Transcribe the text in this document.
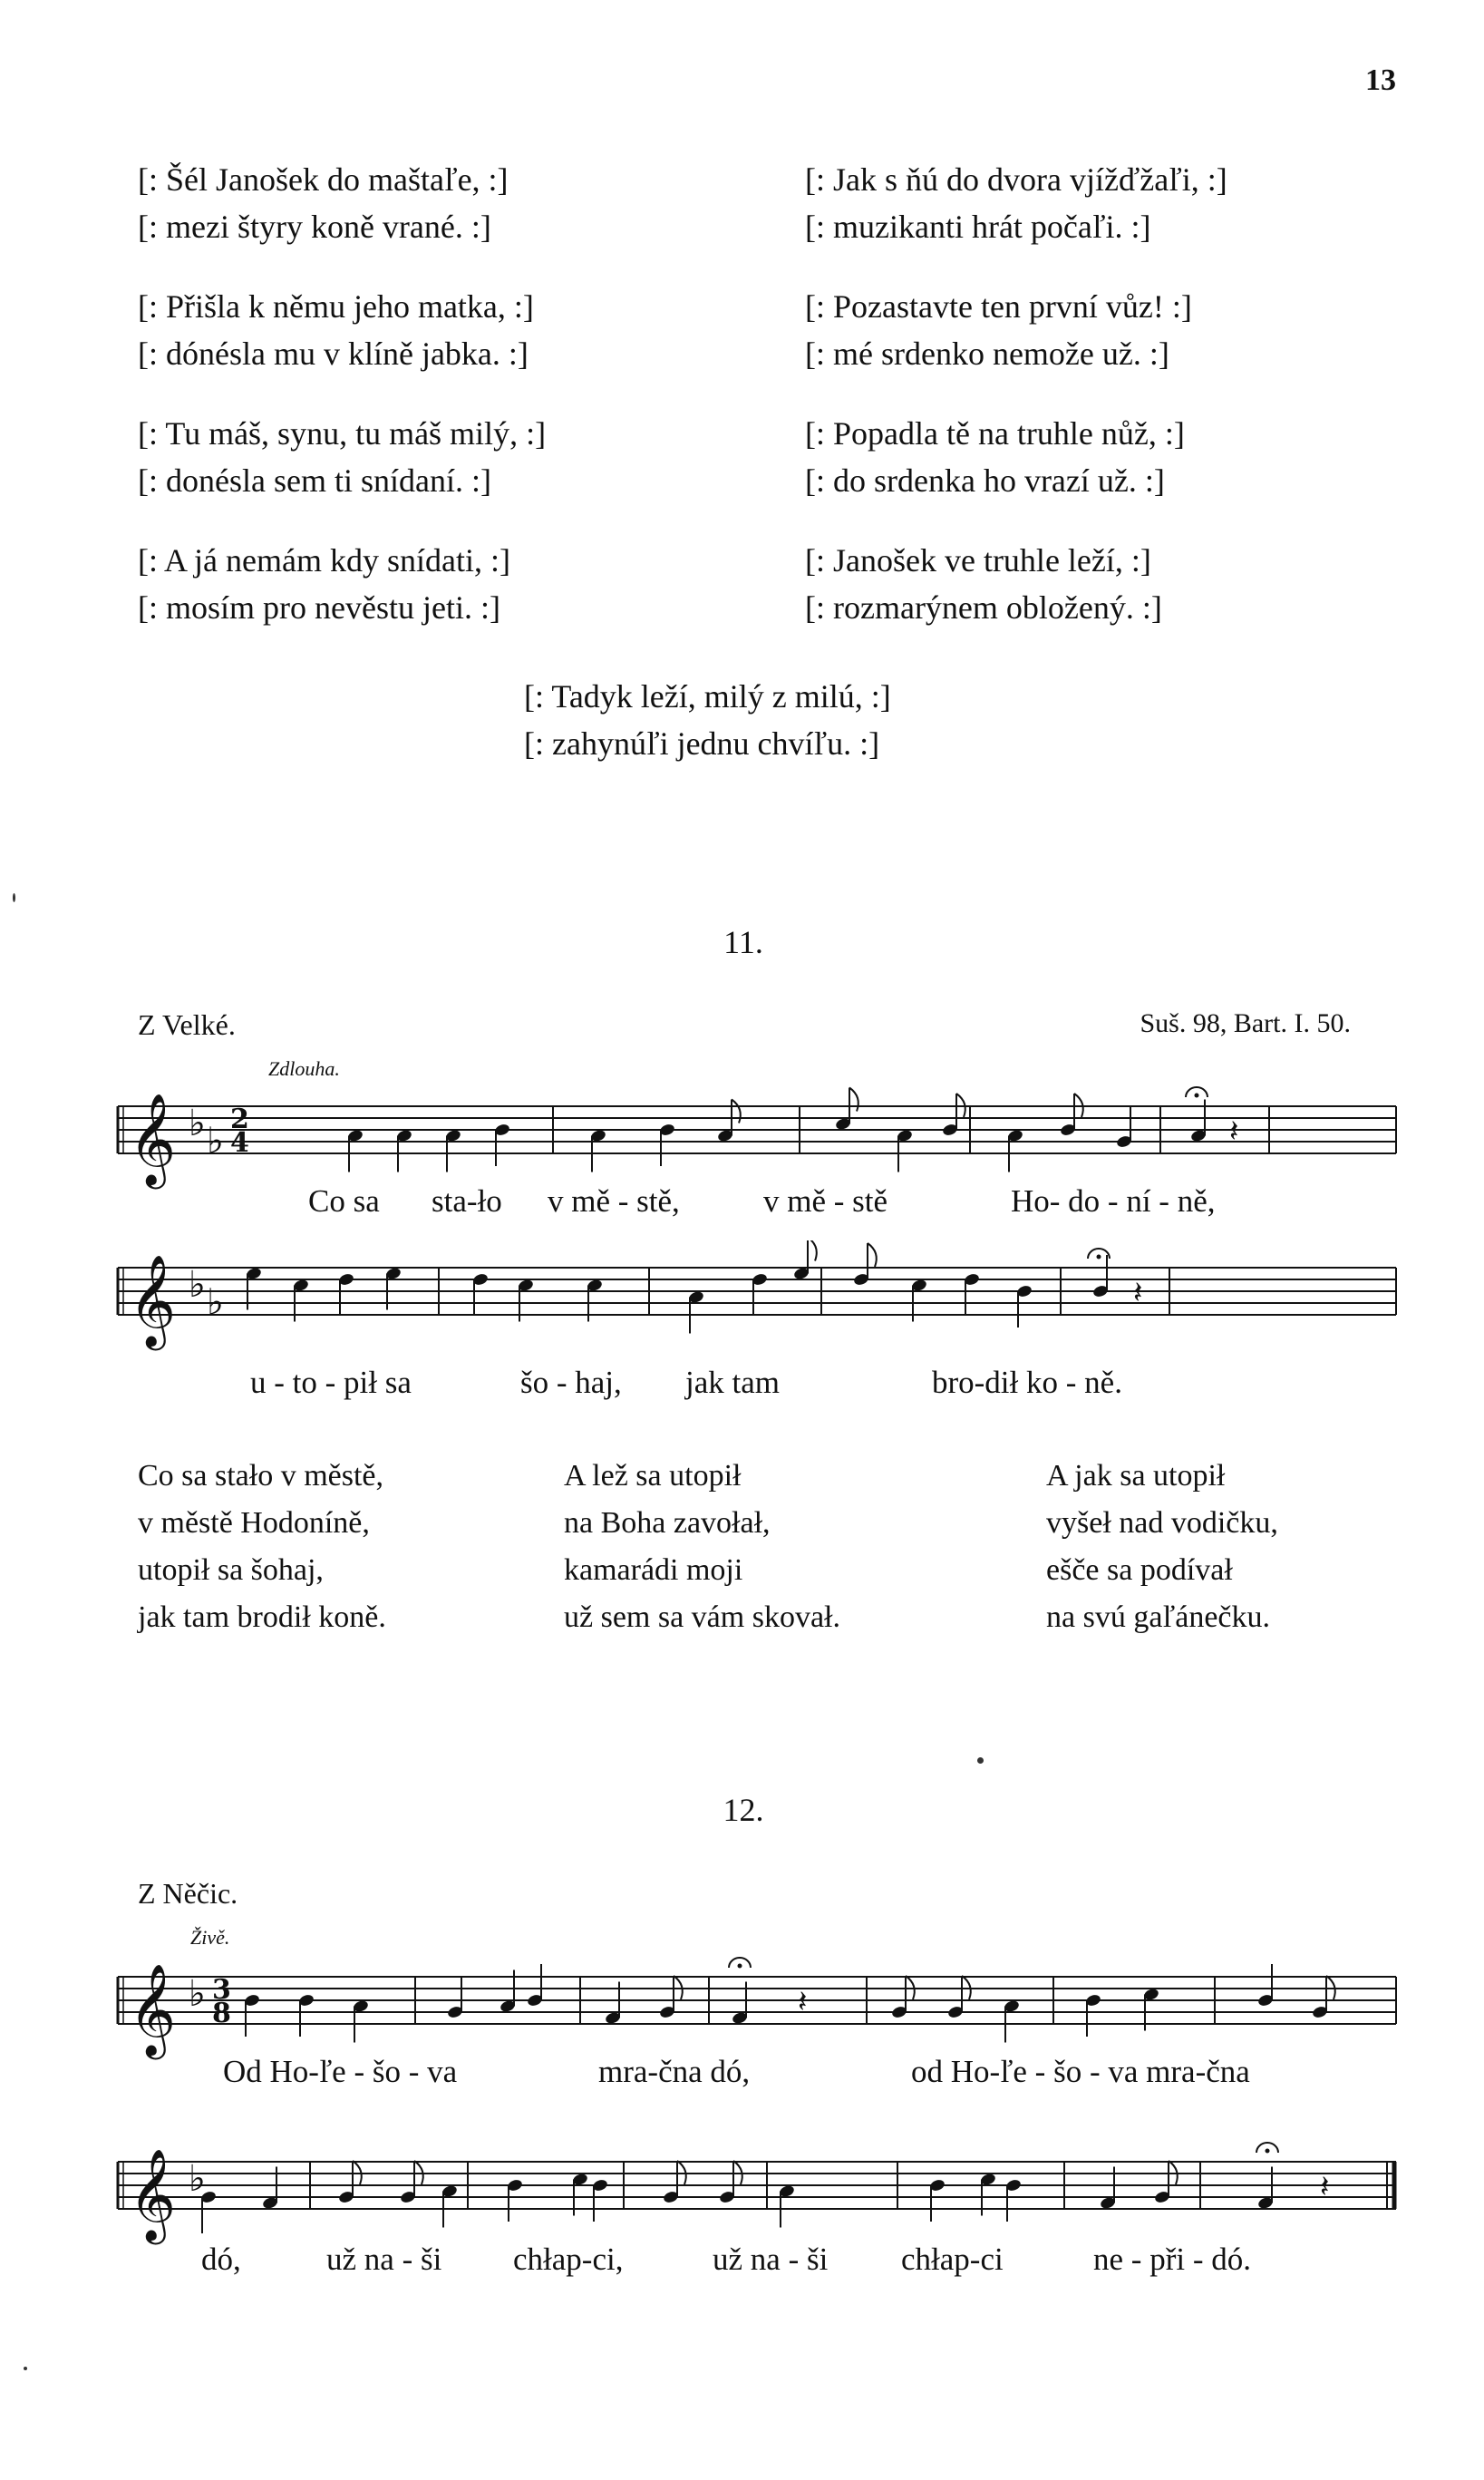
13
[: Šél Janošek do maštaľe, :]
[: mezi štyry koně vrané. :]
[: Přišla k němu jeho matka, :]
[: dónésla mu v klíně jabka. :]
[: Tu máš, synu, tu máš milý, :]
[: donésla sem ti snídaní. :]
[: A já nemám kdy snídati, :]
[: mosím pro nevěstu jeti. :]
[: Jak s ňú do dvora vjížďžaľi, :]
[: muzikanti hrát počaľi. :]
[: Pozastavte ten první vůz! :]
[: mé srdenko nemože už. :]
[: Popadla tě na truhle nůž, :]
[: do srdenka ho vrazí už. :]
[: Janošek ve truhle leží, :]
[: rozmarýnem obložený. :]
[: Tadyk leží, milý z milú, :]
[: zahynúľi jednu chvíľu. :]
11.
Z Velké.	Suš. 98, Bart. I. 50.
Zdlouha.
𝄞 ♭ ♭
2
4	𝄽
Co sa sta-ło v mě - stě,	v mě - stě	Ho- do - ní - ně,
𝄞 ♭ ♭	𝄽
u - to - pił sa	šo - haj, jak tam	bro-dił ko - ně.
Co sa stało v městě,
v městě Hodoníně,
utopił sa šohaj,
jak tam brodił koně.
A lež sa utopił
na Boha zavołał,
kamarádi moji
už sem sa vám skovał.
A jak sa utopił
vyšeł nad vodičku,
ešče sa podívał
na svú gaľánečku.
12.
Z Něčic.
Živě.
𝄞 ♭ 3
8	𝄽
Od Ho-ľe - šo - va	mra-čna dó,	od Ho-ľe - šo - va mra-čna
𝄞 ♭	𝄽
dó,	už na - ši chłap-ci,	už na - ši chłap-ci	ne - při - dó.
